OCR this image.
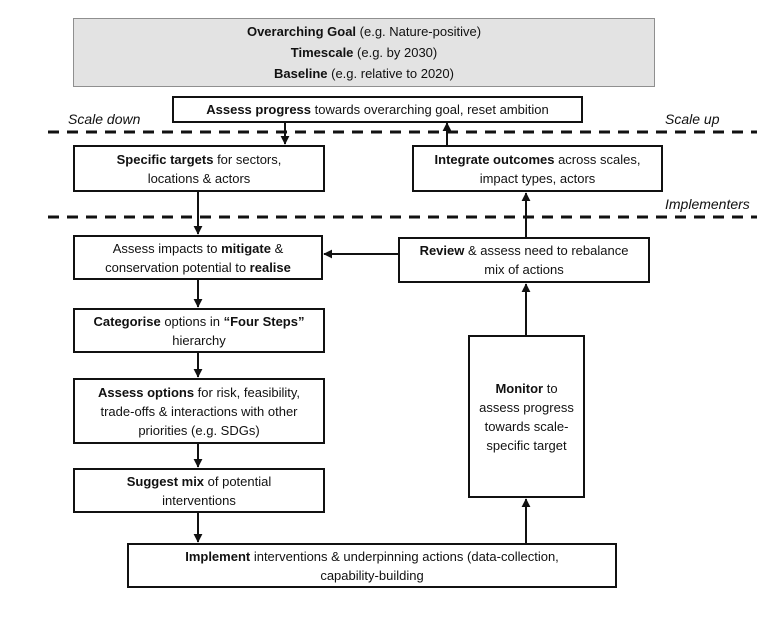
Overarching Goal (e.g. Nature-positive)
Timescale (e.g. by 2030)
Baseline (e.g. relative to 2020)
Assess progress towards overarching goal, reset ambition
Scale down	Scale up
Implementers
Specific targets for sectors,
locations & actors
Integrate outcomes across scales,
impact types, actors
Assess impacts to mitigate &
conservation potential to realise
Categorise options in “Four Steps”
hierarchy
Assess options for risk, feasibility,
trade-offs & interactions with other
priorities (e.g. SDGs)
Suggest mix of potential
interventions
Review & assess need to rebalance
mix of actions
Monitor to
assess progress
towards scale-
specific target
Implement interventions & underpinning actions (data-collection,
capability-building
